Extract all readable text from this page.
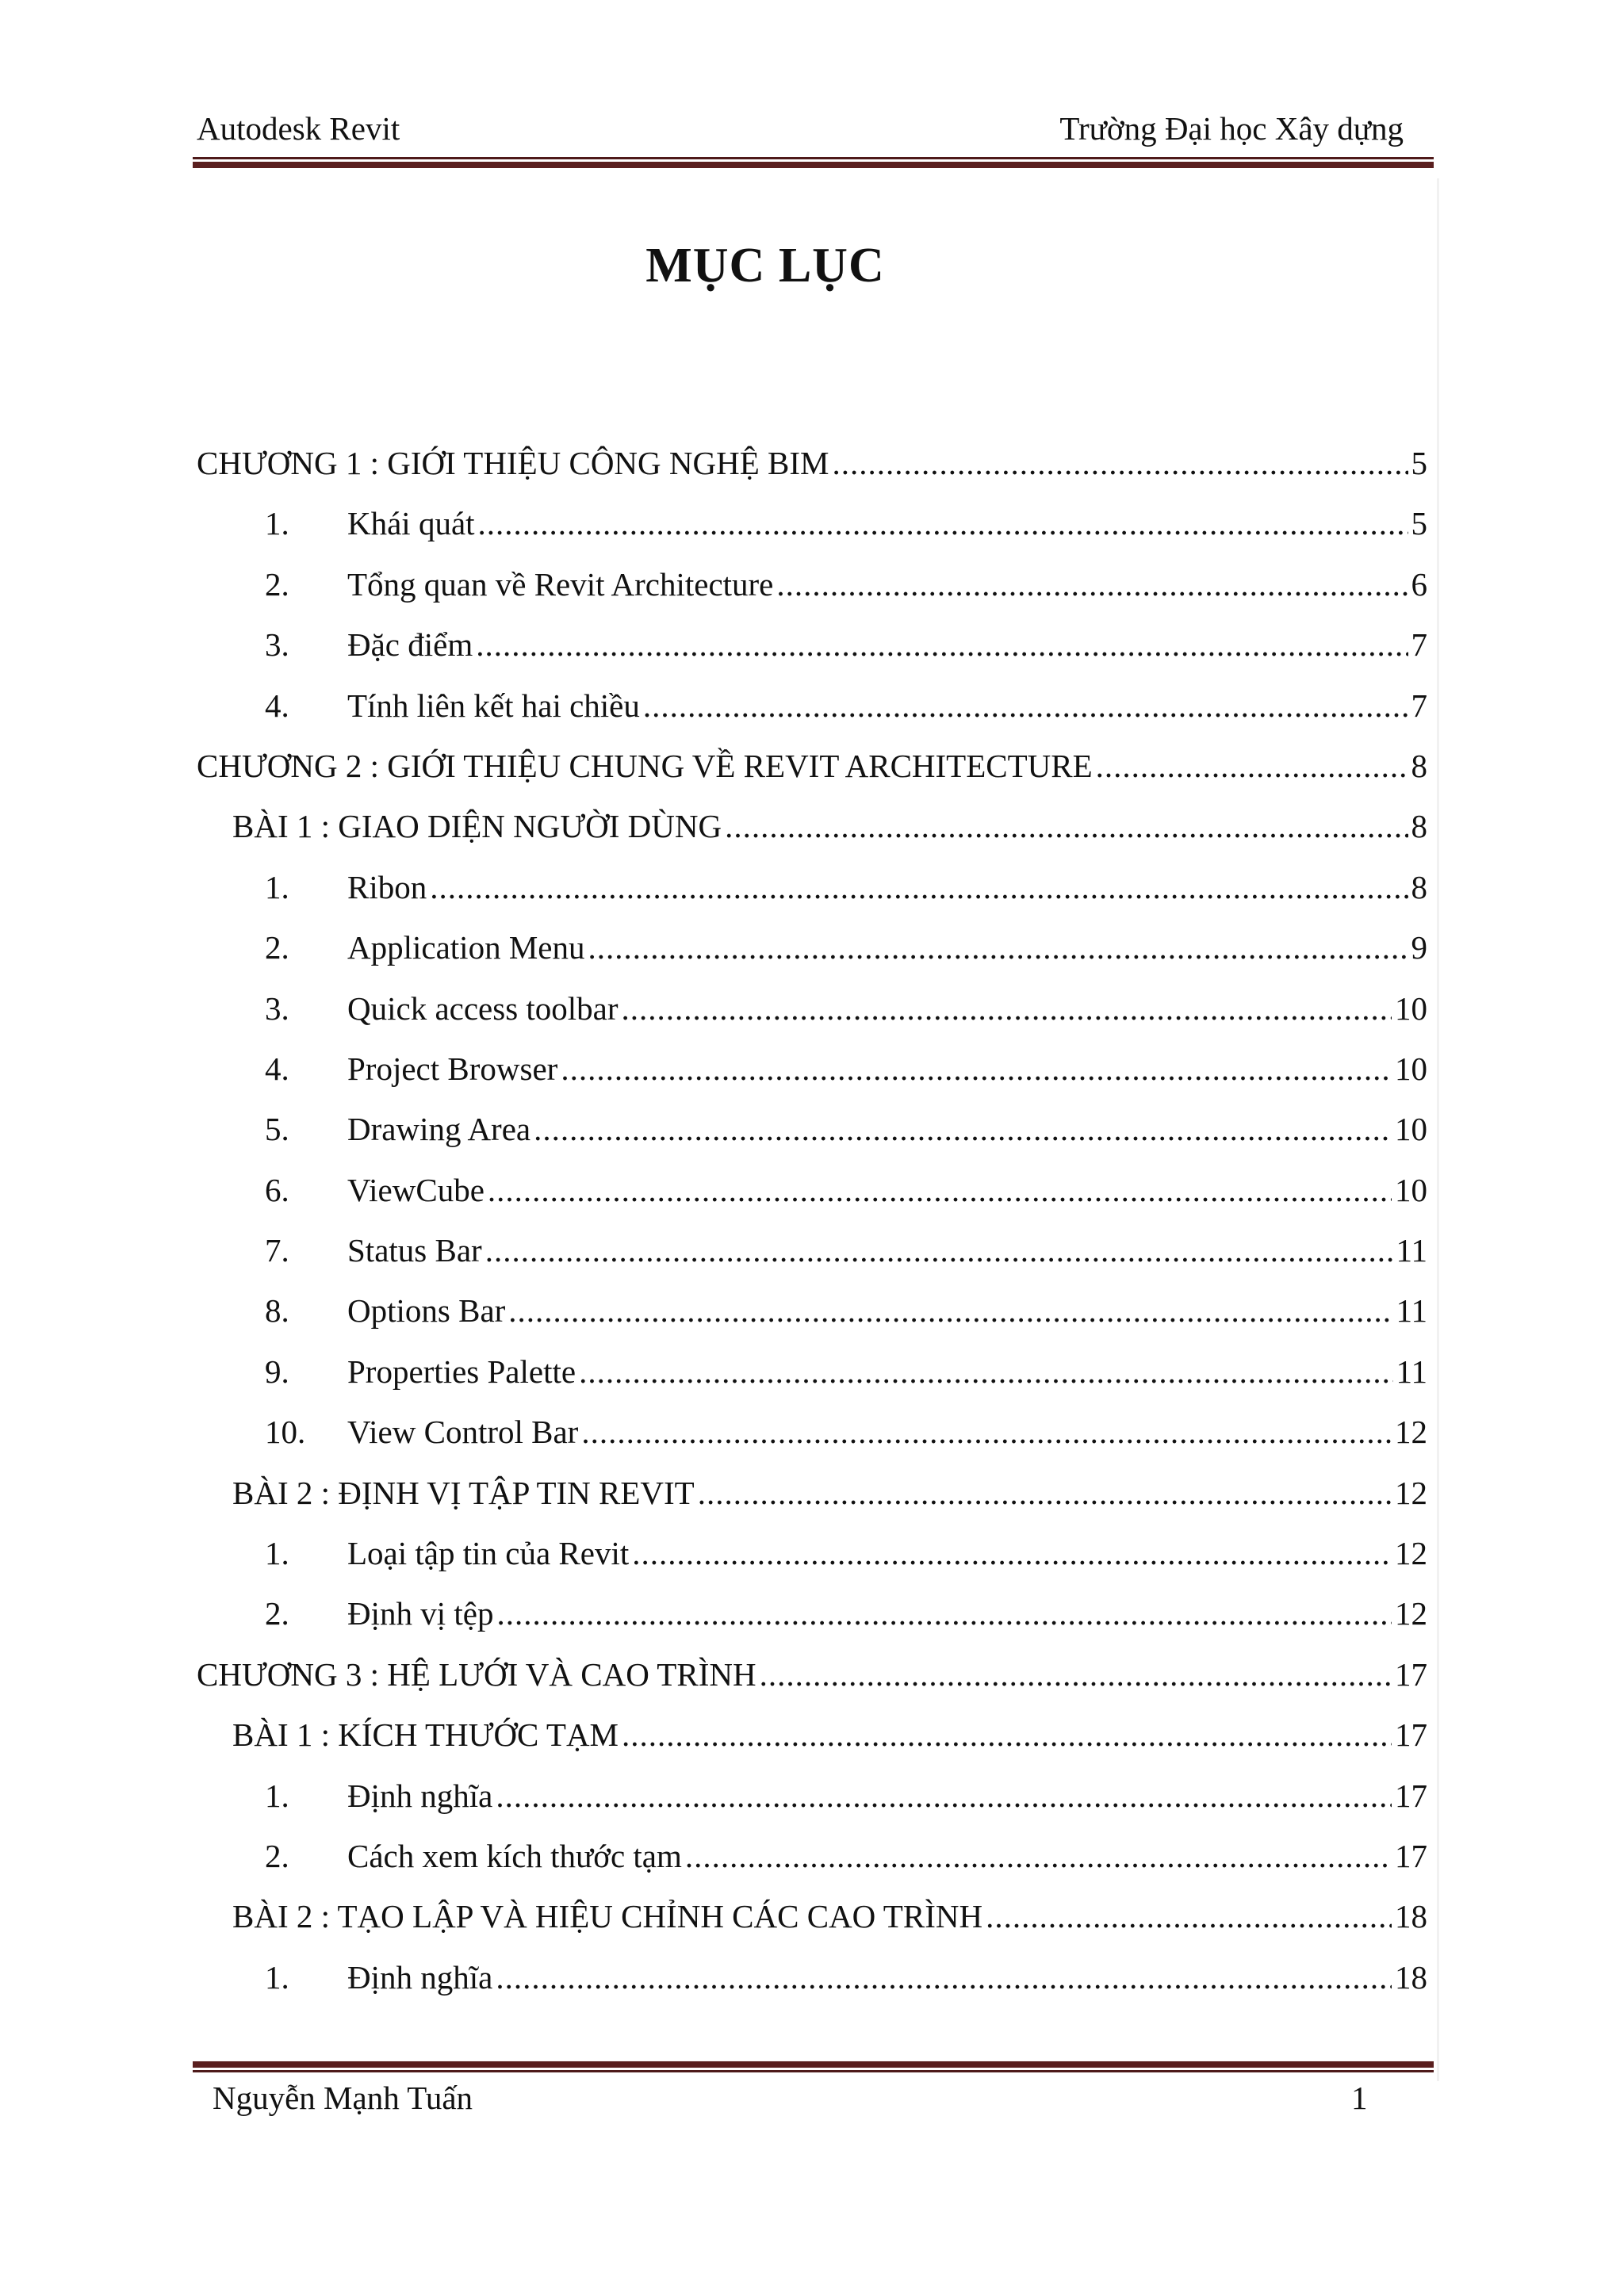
Autodesk Revit	Trường Đại học Xây dựng
MỤC LỤC
CHƯƠNG 1 : GIỚI THIỆU CÔNG NGHỆ BIM .....	5
1.	Khái quát .....	5
2.	Tổng quan về Revit Architecture .....	6
3.	Đặc điểm .....	7
4.	Tính liên kết hai chiều .....	7
CHƯƠNG 2 : GIỚI THIỆU CHUNG VỀ REVIT ARCHITECTURE .....	8
BÀI 1 : GIAO DIỆN NGƯỜI DÙNG .....	8
1.	Ribon .....	8
2.	Application Menu .....	9
3.	Quick access toolbar .....	10
4.	Project Browser .....	10
5.	Drawing Area .....	10
6.	ViewCube .....	10
7.	Status Bar .....	11
8.	Options Bar .....	11
9.	Properties Palette .....	11
10.	View Control Bar .....	12
BÀI 2 : ĐỊNH VỊ TẬP TIN REVIT .....	12
1.	Loại tập tin của Revit .....	12
2.	Định vị tệp .....	12
CHƯƠNG 3 : HỆ LƯỚI VÀ CAO TRÌNH .....	17
BÀI 1 : KÍCH THƯỚC TẠM .....	17
1.	Định nghĩa .....	17
2.	Cách xem kích thước tạm .....	17
BÀI 2 : TẠO LẬP VÀ HIỆU CHỈNH CÁC CAO TRÌNH .....	18
1.	Định nghĩa .....	18
Nguyễn Mạnh Tuấn	1
